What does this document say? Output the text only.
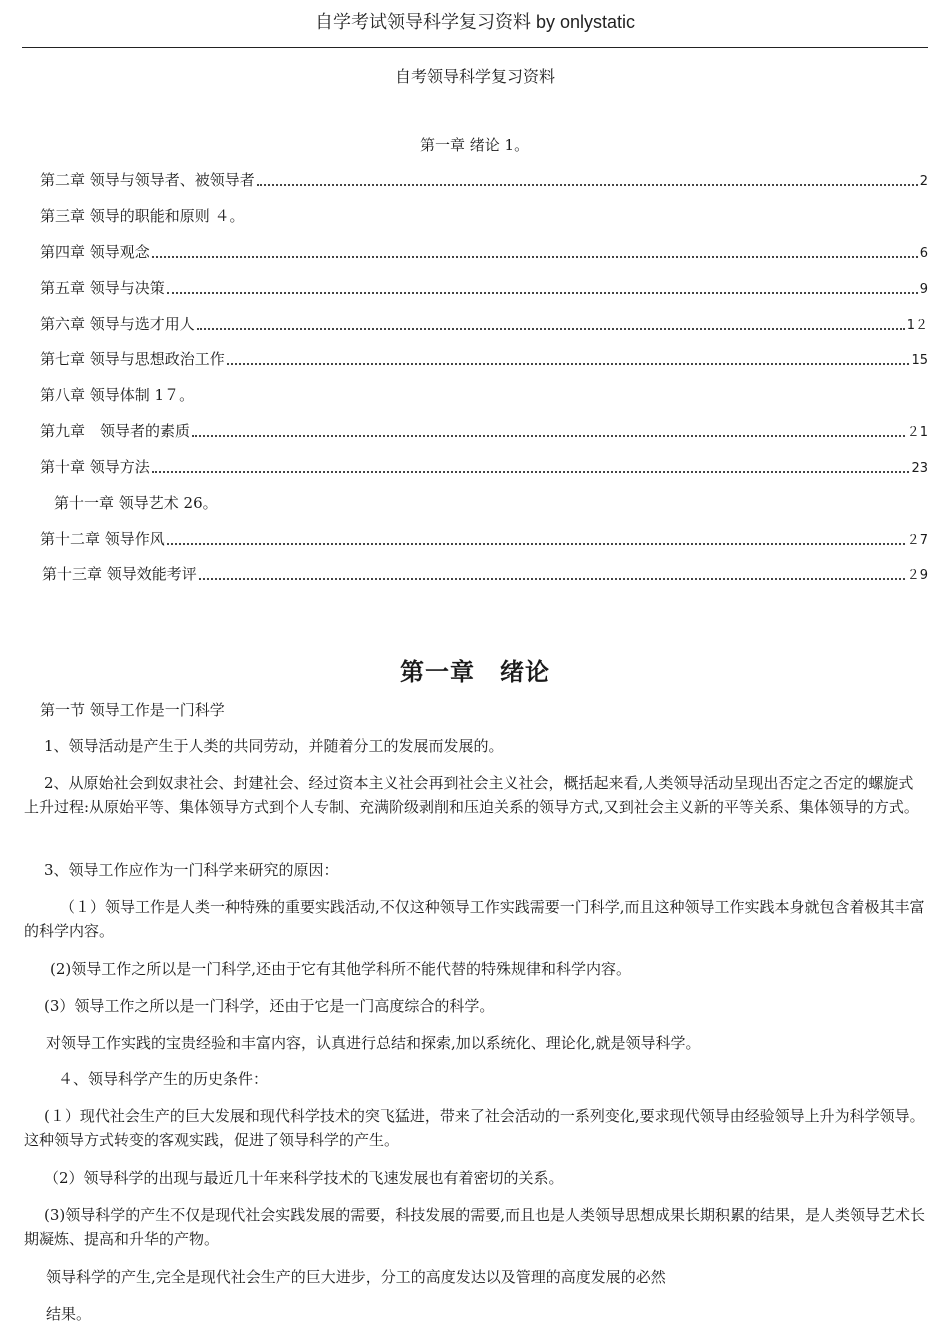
自学考试领导科学复习资料 by onlystatic
自考领导科学复习资料
第一章 绪论 1。
第二章 领导与领导者、被领导者	2
第三章 领导的职能和原则 ４。
第四章 领导观念	6
第五章 领导与决策	9
第六章 领导与选才用人	1２
第七章 领导与思想政治工作	15
第八章 领导体制 1７。
第九章　领导者的素质	２1
第十章 领导方法	23
第十一章 领导艺术 26。
第十二章 领导作风	２7
第十三章 领导效能考评	２9
第一章　绪论

第一节 领导工作是一门科学

1、领导活动是产生于人类的共同劳动，并随着分工的发展而发展的。

2、从原始社会到奴隶社会、封建社会、经过资本主义社会再到社会主义社会，概括起来看,人类领导活动呈现出否定之否定的螺旋式上升过程:从原始平等、集体领导方式到个人专制、充满阶级剥削和压迫关系的领导方式,又到社会主义新的平等关系、集体领导的方式。

3、领导工作应作为一门科学来研究的原因：

（１）领导工作是人类一种特殊的重要实践活动,不仅这种领导工作实践需要一门科学,而且这种领导工作实践本身就包含着极其丰富的科学内容。

(2)领导工作之所以是一门科学,还由于它有其他学科所不能代替的特殊规律和科学内容。

(3）领导工作之所以是一门科学，还由于它是一门高度综合的科学。

对领导工作实践的宝贵经验和丰富内容，认真进行总结和探索,加以系统化、理论化,就是领导科学。

４、领导科学产生的历史条件：

(１）现代社会生产的巨大发展和现代科学技术的突飞猛进，带来了社会活动的一系列变化,要求现代领导由经验领导上升为科学领导。这种领导方式转变的客观实践，促进了领导科学的产生。

（2）领导科学的出现与最近几十年来科学技术的飞速发展也有着密切的关系。

(3)领导科学的产生不仅是现代社会实践发展的需要，科技发展的需要,而且也是人类领导思想成果长期积累的结果，是人类领导艺术长期凝炼、提高和升华的产物。

领导科学的产生,完全是现代社会生产的巨大进步，分工的高度发达以及管理的高度发展的必然

结果。
